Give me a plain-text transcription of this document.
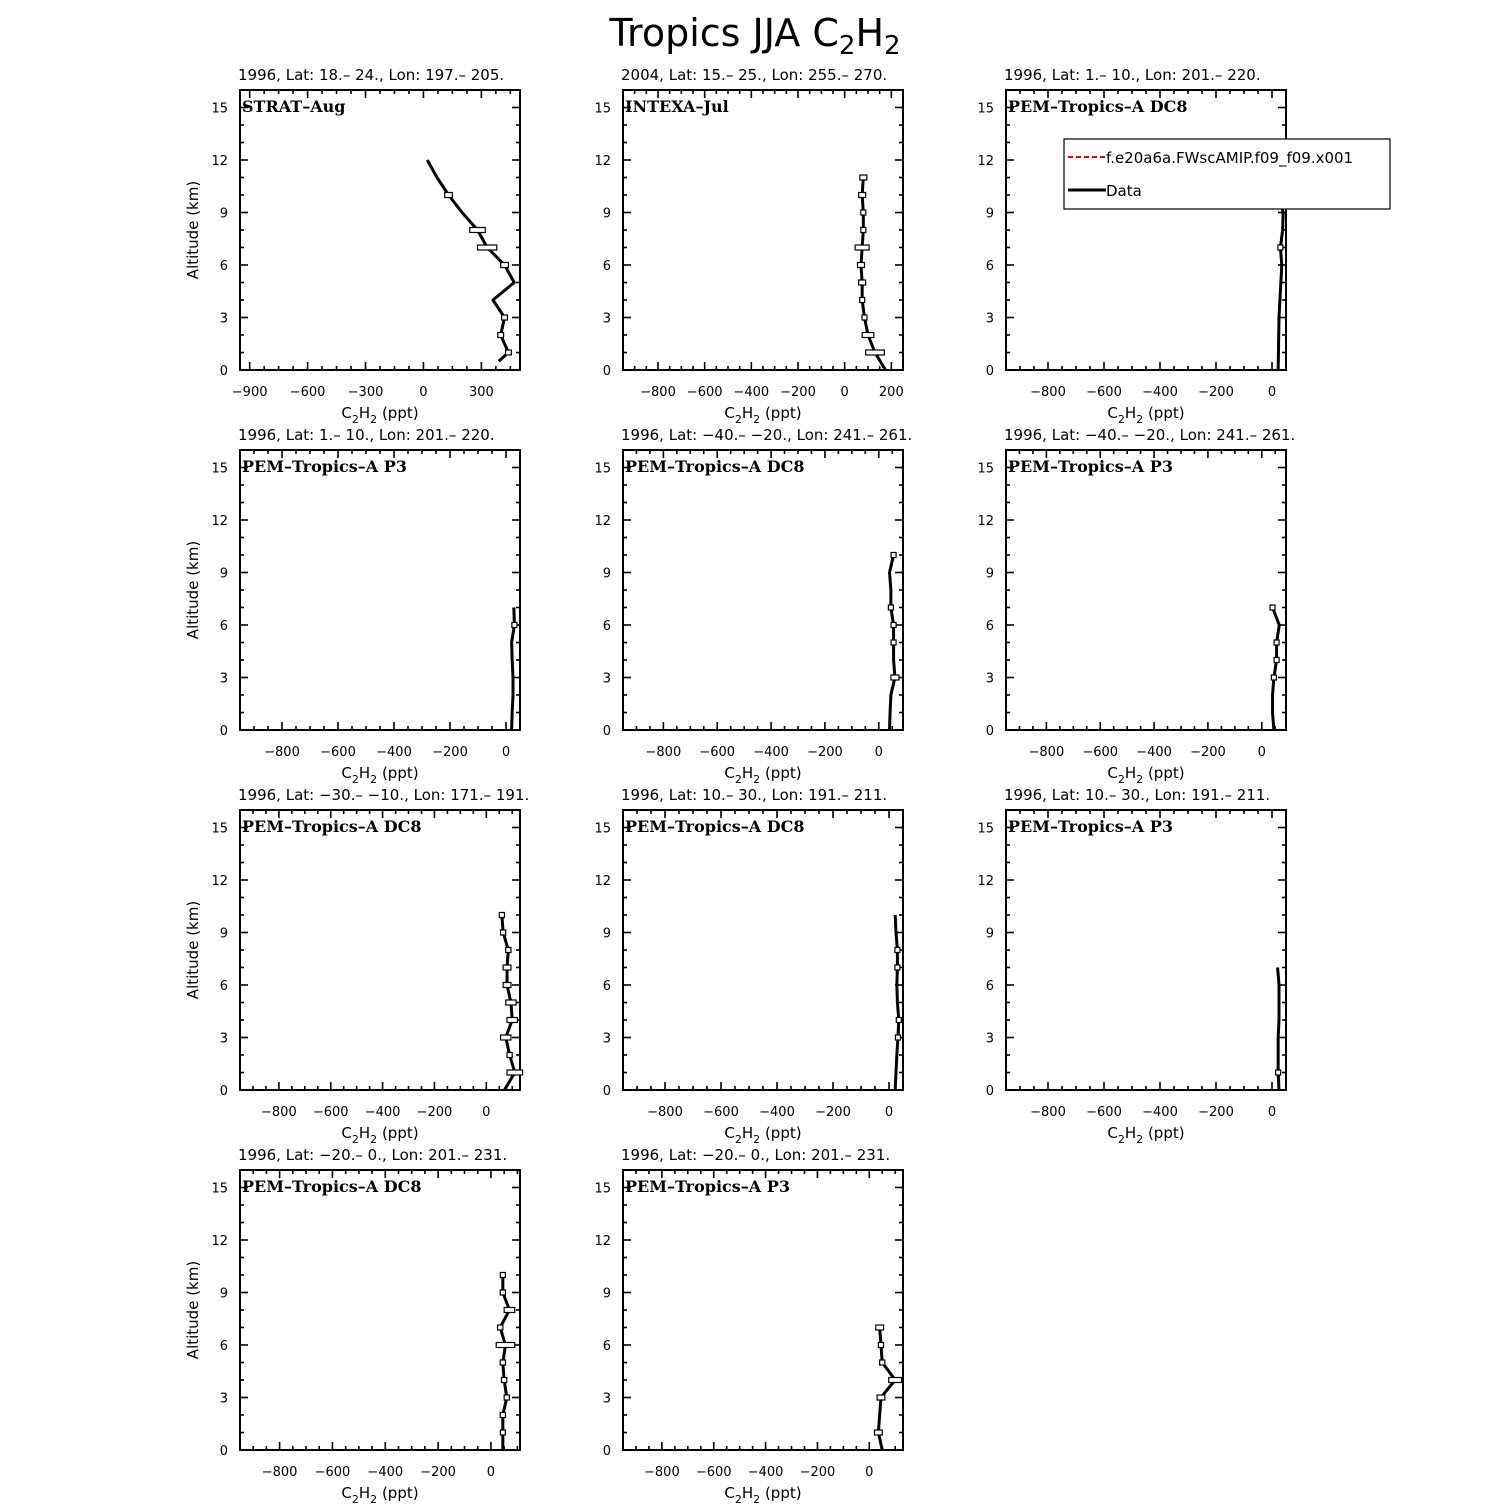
Tropics JJA $C_2H_2$
1996, Lat: 18.– 24., Lon: 197.– 205.
STRAT–Aug
0
3
6
9
12
15
−900 −600 −300	0	300
$C_2H_2$ (ppt)
Altitude (km)
2004, Lat: 15.– 25., Lon: 255.– 270.
INTEXA–Jul
0
3
6
9
12
15
−800 −600 −400 −200 0 200
$C_2H_2$ (ppt)
1996, Lat: 1.– 10., Lon: 201.– 220.
PEM–Tropics–A DC8
0
3
6
9
12
15
−800 −600 −400 −200	0
$C_2H_2$ (ppt)
f.e20a6a.FWscAMIP.f09_f09.x001
Data
1996, Lat: 1.– 10., Lon: 201.– 220.
PEM–Tropics–A P3
0
3
6
9
12
15
−800 −600 −400 −200	0
$C_2H_2$ (ppt)
Altitude (km)
1996, Lat: −40.– −20., Lon: 241.– 261.
PEM–Tropics–A DC8
0
3
6
9
12
15
−800 −600 −400 −200 0
$C_2H_2$ (ppt)
1996, Lat: −40.– −20., Lon: 241.– 261.
PEM–Tropics–A P3
0
3
6
9
12
15
−800 −600 −400 −200 0
$C_2H_2$ (ppt)
1996, Lat: −30.– −10., Lon: 171.– 191.
PEM–Tropics–A DC8
0
3
6
9
12
15
−800 −600 −400 −200 0
$C_2H_2$ (ppt)
Altitude (km)
1996, Lat: 10.– 30., Lon: 191.– 211.
PEM–Tropics–A DC8
0
3
6
9
12
15
−800 −600 −400 −200	0
$C_2H_2$ (ppt)
1996, Lat: 10.– 30., Lon: 191.– 211.
PEM–Tropics–A P3
0
3
6
9
12
15
−800 −600 −400 −200	0
$C_2H_2$ (ppt)
1996, Lat: −20.– 0., Lon: 201.– 231.
PEM–Tropics–A DC8
0
3
6
9
12
15
−800 −600 −400 −200 0
$C_2H_2$ (ppt)
Altitude (km)
1996, Lat: −20.– 0., Lon: 201.– 231.
PEM–Tropics–A P3
0
3
6
9
12
15
−800 −600 −400 −200 0
$C_2H_2$ (ppt)
